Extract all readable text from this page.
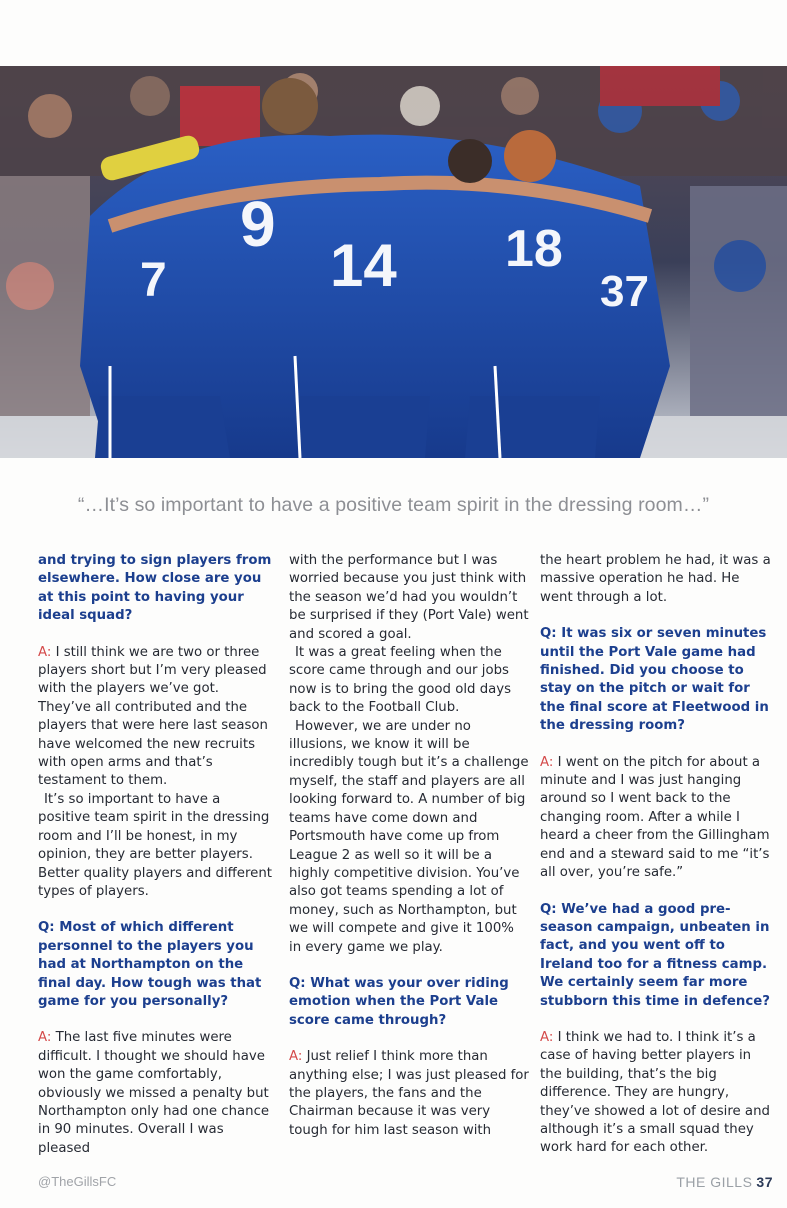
9
14 18
7	37
“…It’s so important to have a positive team spirit in the dressing room…”

and trying to sign players from elsewhere. How close are you at this point to having your ideal squad?

A: I still think we are two or three players short but I’m very pleased with the players we’ve got. They’ve all contributed and the players that were here last season have welcomed the new recruits with open arms and that’s testament to them.

It’s so important to have a positive team spirit in the dressing room and I’ll be honest, in my opinion, they are better players. Better quality players and different types of players.

Q: Most of which different personnel to the players you had at Northampton on the final day. How tough was that game for you personally?

A: The last five minutes were difficult. I thought we should have won the game comfortably, obviously we missed a penalty but Northampton only had one chance in 90 minutes. Overall I was pleased

with the performance but I was worried because you just think with the season we’d had you wouldn’t be surprised if they (Port Vale) went and scored a goal.

It was a great feeling when the score came through and our jobs now is to bring the good old days back to the Football Club.

However, we are under no illusions, we know it will be incredibly tough but it’s a challenge myself, the staff and players are all looking forward to. A number of big teams have come down and Portsmouth have come up from League 2 as well so it will be a highly competitive division. You’ve also got teams spending a lot of money, such as Northampton, but we will compete and give it 100% in every game we play.

Q: What was your over riding emotion when the Port Vale score came through?

A: Just relief I think more than anything else; I was just pleased for the players, the fans and the Chairman because it was very tough for him last season with

the heart problem he had, it was a massive operation he had. He went through a lot.

Q: It was six or seven minutes until the Port Vale game had finished. Did you choose to stay on the pitch or wait for the final score at Fleetwood in the dressing room?

A: I went on the pitch for about a minute and I was just hanging around so I went back to the changing room. After a while I heard a cheer from the Gillingham end and a steward said to me “it’s all over, you’re safe.”

Q: We’ve had a good pre-season campaign, unbeaten in fact, and you went off to Ireland too for a fitness camp. We certainly seem far more stubborn this time in defence?

A: I think we had to. I think it’s a case of having better players in the building, that’s the big difference. They are hungry, they’ve showed a lot of desire and although it’s a small squad they work hard for each other.

@TheGillsFC	THE GILLS 37
